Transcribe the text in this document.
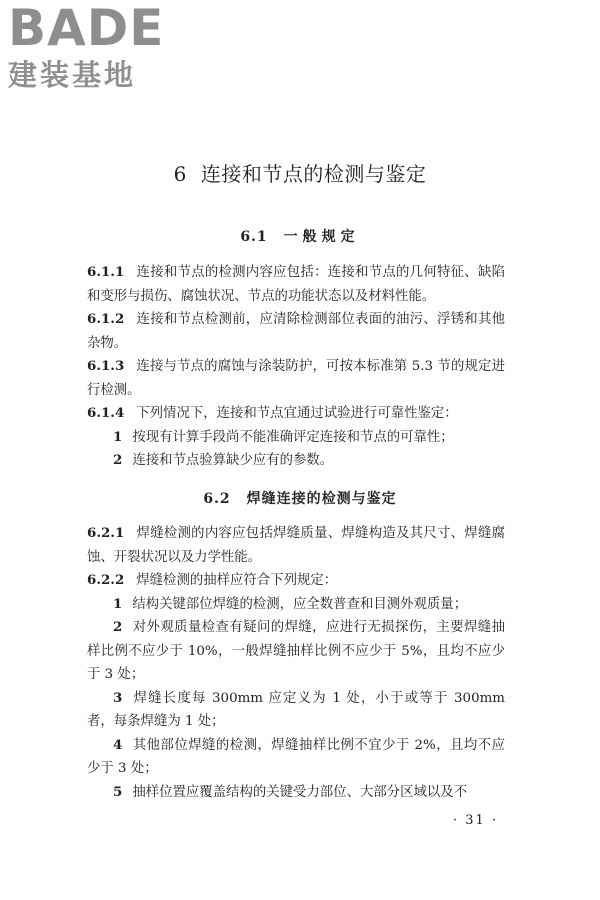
BADE
建装基地
6 连接和节点的检测与鉴定
6.1 一般规定

6.1.1 连接和节点的检测内容应包括：连接和节点的几何特征、缺陷和变形与损伤、腐蚀状况、节点的功能状态以及材料性能。

6.1.2 连接和节点检测前，应清除检测部位表面的油污、浮锈和其他杂物。

6.1.3 连接与节点的腐蚀与涂装防护，可按本标准第 5.3 节的规定进行检测。

6.1.4 下列情况下，连接和节点宜通过试验进行可靠性鉴定：

1 按现有计算手段尚不能准确评定连接和节点的可靠性；

2 连接和节点验算缺少应有的参数。

6.2 焊缝连接的检测与鉴定

6.2.1 焊缝检测的内容应包括焊缝质量、焊缝构造及其尺寸、焊缝腐蚀、开裂状况以及力学性能。

6.2.2 焊缝检测的抽样应符合下列规定：

1 结构关键部位焊缝的检测，应全数普查和目测外观质量；

2 对外观质量检查有疑问的焊缝，应进行无损探伤，主要焊缝抽样比例不应少于 10%，一般焊缝抽样比例不应少于 5%，且均不应少于 3 处；

3 焊缝长度每 300mm 应定义为 1 处，小于或等于 300mm 者，每条焊缝为 1 处；

4 其他部位焊缝的检测，焊缝抽样比例不宜少于 2%，且均不应少于 3 处；

5 抽样位置应覆盖结构的关键受力部位、大部分区域以及不

· 31 ·
